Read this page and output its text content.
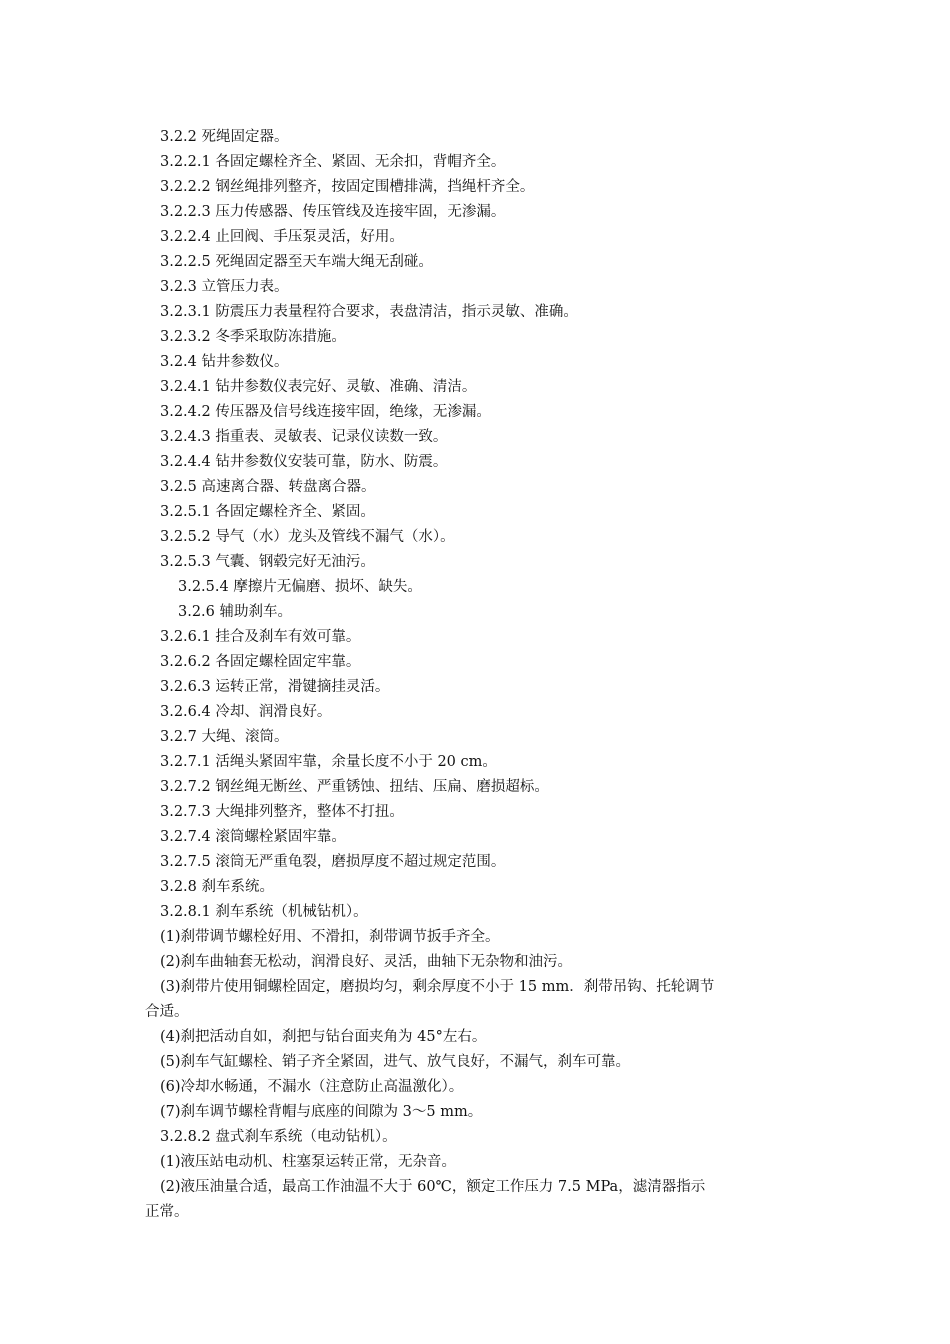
3.2.2 死绳固定器。
3.2.2.1 各固定螺栓齐全、紧固、无余扣，背帽齐全。
3.2.2.2 钢丝绳排列整齐，按固定围槽排满，挡绳杆齐全。
3.2.2.3 压力传感器、传压管线及连接牢固，无渗漏。
3.2.2.4 止回阀、手压泵灵活，好用。
3.2.2.5 死绳固定器至天车端大绳无刮碰。
3.2.3 立管压力表。
3.2.3.1 防震压力表量程符合要求，表盘清洁，指示灵敏、准确。
3.2.3.2 冬季采取防冻措施。
3.2.4 钻井参数仪。
3.2.4.1 钻井参数仪表完好、灵敏、准确、清洁。
3.2.4.2 传压器及信号线连接牢固，绝缘，无渗漏。
3.2.4.3 指重表、灵敏表、记录仪读数一致。
3.2.4.4 钻井参数仪安装可靠，防水、防震。
3.2.5 高速离合器、转盘离合器。
3.2.5.1 各固定螺栓齐全、紧固。
3.2.5.2 导气（水）龙头及管线不漏气（水）。
3.2.5.3 气囊、钢毂完好无油污。
3.2.5.4 摩擦片无偏磨、损坏、缺失。
3.2.6 辅助刹车。
3.2.6.1 挂合及刹车有效可靠。
3.2.6.2 各固定螺栓固定牢靠。
3.2.6.3 运转正常，滑键摘挂灵活。
3.2.6.4 冷却、润滑良好。
3.2.7 大绳、滚筒。
3.2.7.1 活绳头紧固牢靠，余量长度不小于 20 cm。
3.2.7.2 钢丝绳无断丝、严重锈蚀、扭结、压扁、磨损超标。
3.2.7.3 大绳排列整齐，整体不打扭。
3.2.7.4 滚筒螺栓紧固牢靠。
3.2.7.5 滚筒无严重龟裂，磨损厚度不超过规定范围。
3.2.8 刹车系统。
3.2.8.1 刹车系统（机械钻机）。
(1)刹带调节螺栓好用、不滑扣，刹带调节扳手齐全。
(2)刹车曲轴套无松动，润滑良好、灵活，曲轴下无杂物和油污。
(3)刹带片使用铜螺栓固定，磨损均匀，剩余厚度不小于 15 mm．刹带吊钩、托轮调节
合适。
(4)刹把活动自如，刹把与钻台面夹角为 45°左右。
(5)刹车气缸螺栓、销子齐全紧固，进气、放气良好，不漏气，刹车可靠。
(6)冷却水畅通，不漏水（注意防止高温激化）。
(7)刹车调节螺栓背帽与底座的间隙为 3～5 mm。
3.2.8.2 盘式刹车系统（电动钻机）。
(1)液压站电动机、柱塞泵运转正常，无杂音。
(2)液压油量合适，最高工作油温不大于 60℃，额定工作压力 7.5 MPa，滤清器指示
正常。
